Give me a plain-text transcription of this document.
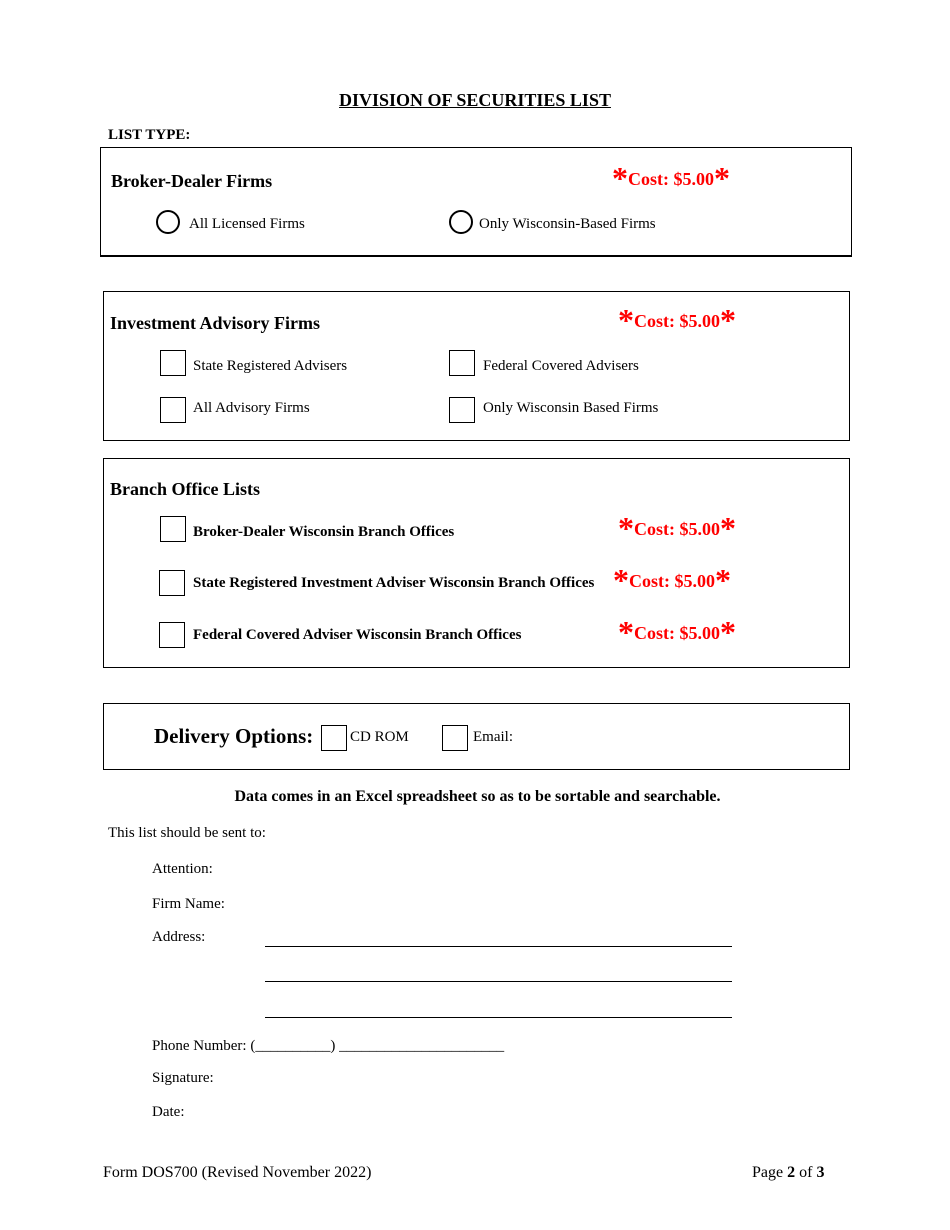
DIVISION OF SECURITIES LIST
LIST TYPE:
Broker-Dealer Firms	*Cost: $5.00*
All Licensed Firms	Only Wisconsin-Based Firms
Investment Advisory Firms	*Cost: $5.00*
State Registered Advisers	Federal Covered Advisers
All Advisory Firms	Only Wisconsin Based Firms
Branch Office Lists
Broker-Dealer Wisconsin Branch Offices	*Cost: $5.00*
State Registered Investment Adviser Wisconsin Branch Offices *Cost: $5.00*
Federal Covered Adviser Wisconsin Branch Offices	*Cost: $5.00*
Delivery Options: CD ROM	Email:
Data comes in an Excel spreadsheet so as to be sortable and searchable.
This list should be sent to:
Attention:
Firm Name:
Address:
Phone Number: (__________) ______________________
Signature:
Date:
Form DOS700 (Revised November 2022)	Page 2 of 3
